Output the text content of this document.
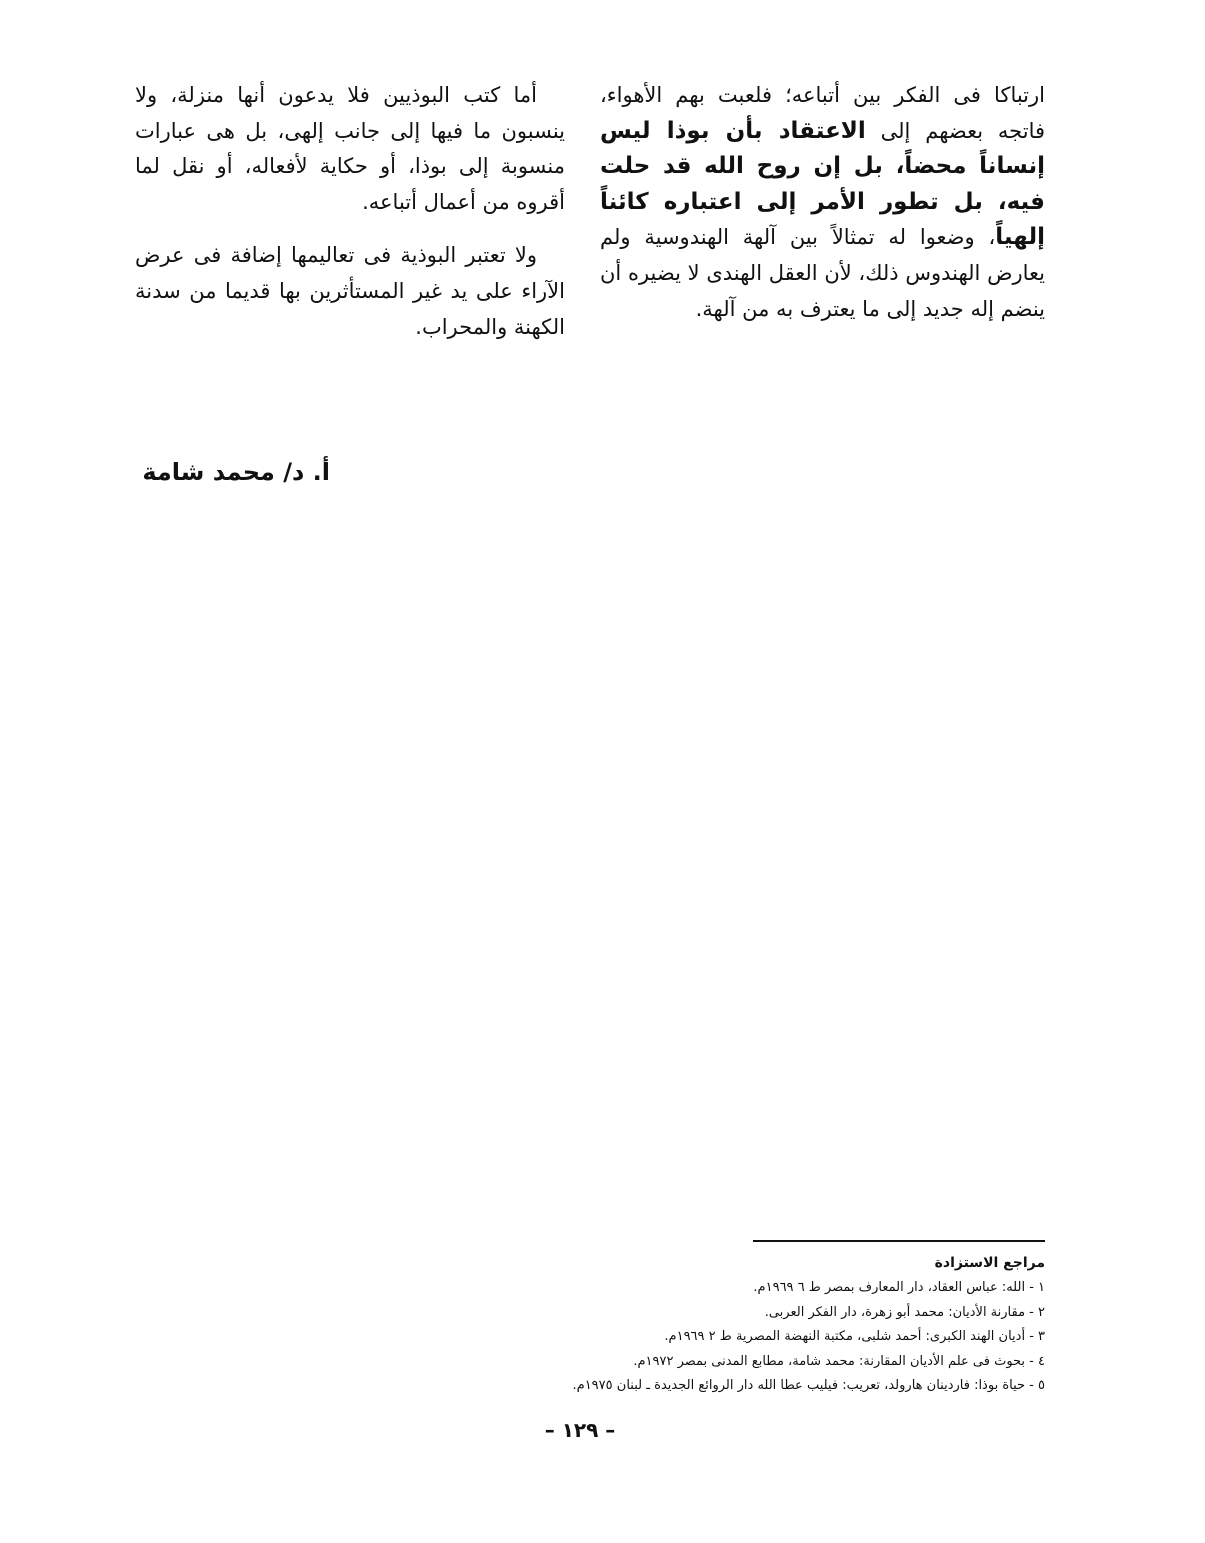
ارتباكا فى الفكر بين أتباعه؛ فلعبت بهم الأهواء، فاتجه بعضهم إلى الاعتقاد بأن بوذا ليس إنساناً محضاً، بل إن روح الله قد حلت فيه، بل تطور الأمر إلى اعتباره كائناً إلهياً، وضعوا له تمثالاً بين آلهة الهندوسية ولم يعارض الهندوس ذلك، لأن العقل الهندى لا يضيره أن ينضم إله جديد إلى ما يعترف به من آلهة.

أما كتب البوذيين فلا يدعون أنها منزلة، ولا ينسبون ما فيها إلى جانب إلهى، بل هى عبارات منسوبة إلى بوذا، أو حكاية لأفعاله، أو نقل لما أقروه من أعمال أتباعه.

ولا تعتبر البوذية فى تعاليمها إضافة فى عرض الآراء على يد غير المستأثرين بها قديما من سدنة الكهنة والمحراب.

أ. د/ محمد شامة
مراجع الاستزادة
١ - الله: عباس العقاد، دار المعارف بمصر ط ٦ ١٩٦٩م.
٢ - مقارنة الأديان: محمد أبو زهرة، دار الفكر العربى.
٣ - أديان الهند الكبرى: أحمد شلبى، مكتبة النهضة المصرية ط ٢ ١٩٦٩م.
٤ - بحوث فى علم الأديان المقارنة: محمد شامة، مطابع المدنى بمصر ١٩٧٢م.
٥ - حياة بوذا: فاردينان هارولد، تعريب: فيليب عطا الله دار الروائع الجديدة ـ لبنان ١٩٧٥م.
– ١٢٩ –
